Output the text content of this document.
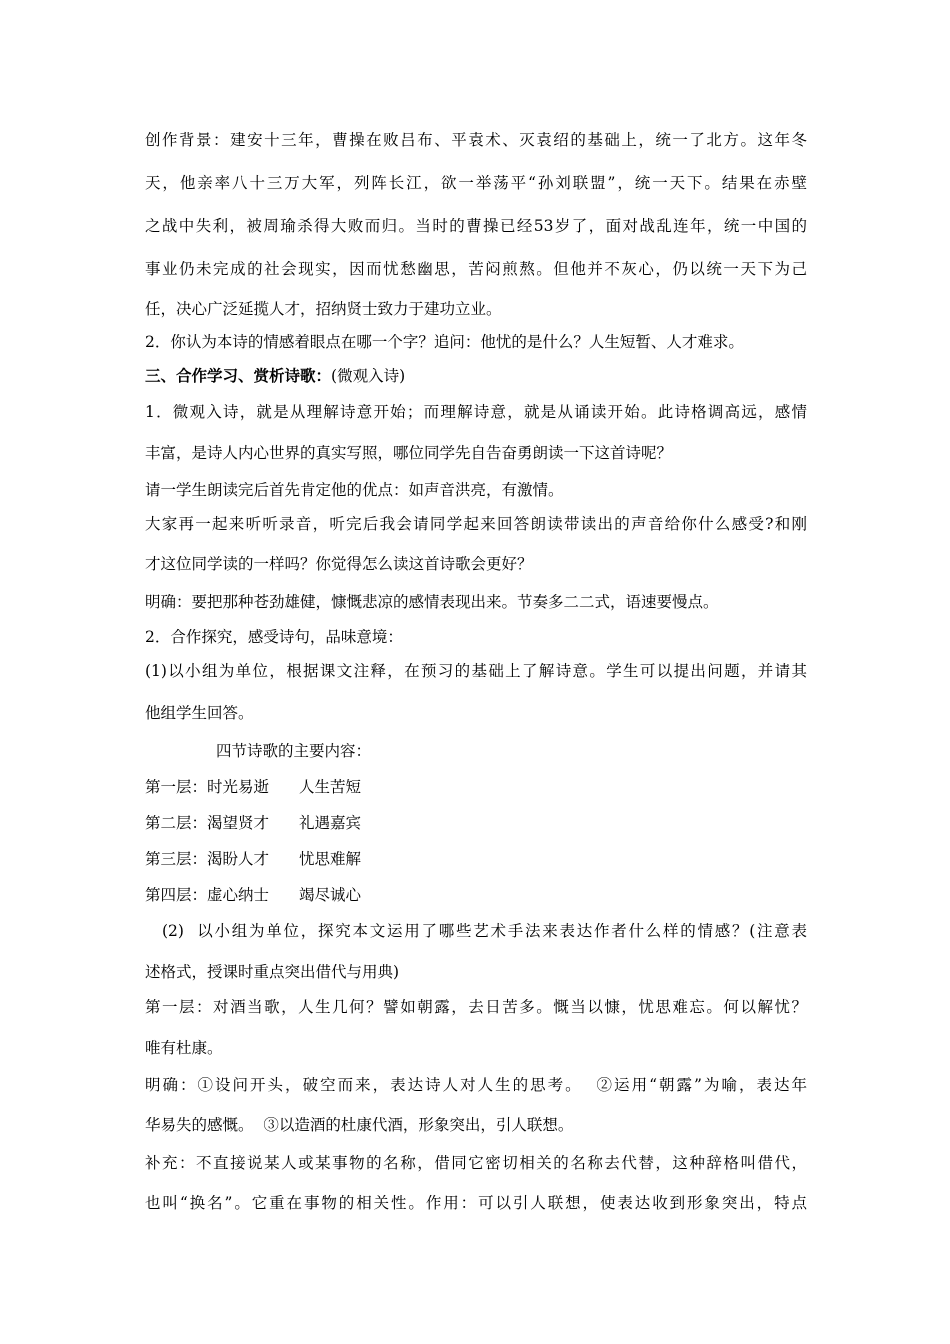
创作背景：建安十三年，曹操在败吕布、平袁术、灭袁绍的基础上，统一了北方。这年冬
天，他亲率八十三万大军，列阵长江，欲一举荡平“孙刘联盟”，统一天下。结果在赤壁
之战中失利，被周瑜杀得大败而归。当时的曹操已经53岁了，面对战乱连年，统一中国的
事业仍未完成的社会现实，因而忧愁幽思，苦闷煎熬。但他并不灰心，仍以统一天下为己
任，决心广泛延揽人才，招纳贤士致力于建功立业。
2．你认为本诗的情感着眼点在哪一个字？追问：他忧的是什么？人生短暂、人才难求。
三、合作学习、赏析诗歌：(微观入诗)
1．微观入诗，就是从理解诗意开始；而理解诗意，就是从诵读开始。此诗格调高远，感情
丰富，是诗人内心世界的真实写照，哪位同学先自告奋勇朗读一下这首诗呢？
请一学生朗读完后首先肯定他的优点：如声音洪亮，有激情。
大家再一起来听听录音，听完后我会请同学起来回答朗读带读出的声音给你什么感受?和刚
才这位同学读的一样吗？你觉得怎么读这首诗歌会更好？
明确：要把那种苍劲雄健，慷慨悲凉的感情表现出来。节奏多二二式，语速要慢点。
2．合作探究，感受诗句，品味意境：
(1)以小组为单位，根据课文注释，在预习的基础上了解诗意。学生可以提出问题，并请其
他组学生回答。
四节诗歌的主要内容：
第一层：时光易逝 人生苦短
第二层：渴望贤才 礼遇嘉宾
第三层：渴盼人才 忧思难解
第四层：虚心纳士 竭尽诚心
(2)  以小组为单位，探究本文运用了哪些艺术手法来表达作者什么样的情感？(注意表
述格式，授课时重点突出借代与用典)
第一层：对酒当歌，人生几何？譬如朝露，去日苦多。慨当以慷，忧思难忘。何以解忧？
唯有杜康。
明确：①设问开头，破空而来，表达诗人对人生的思考。  ②运用“朝露”为喻，表达年
华易失的感慨。  ③以造酒的杜康代酒，形象突出，引人联想。
补充：不直接说某人或某事物的名称，借同它密切相关的名称去代替，这种辞格叫借代，
也叫“换名”。它重在事物的相关性。作用：可以引人联想，使表达收到形象突出，特点
